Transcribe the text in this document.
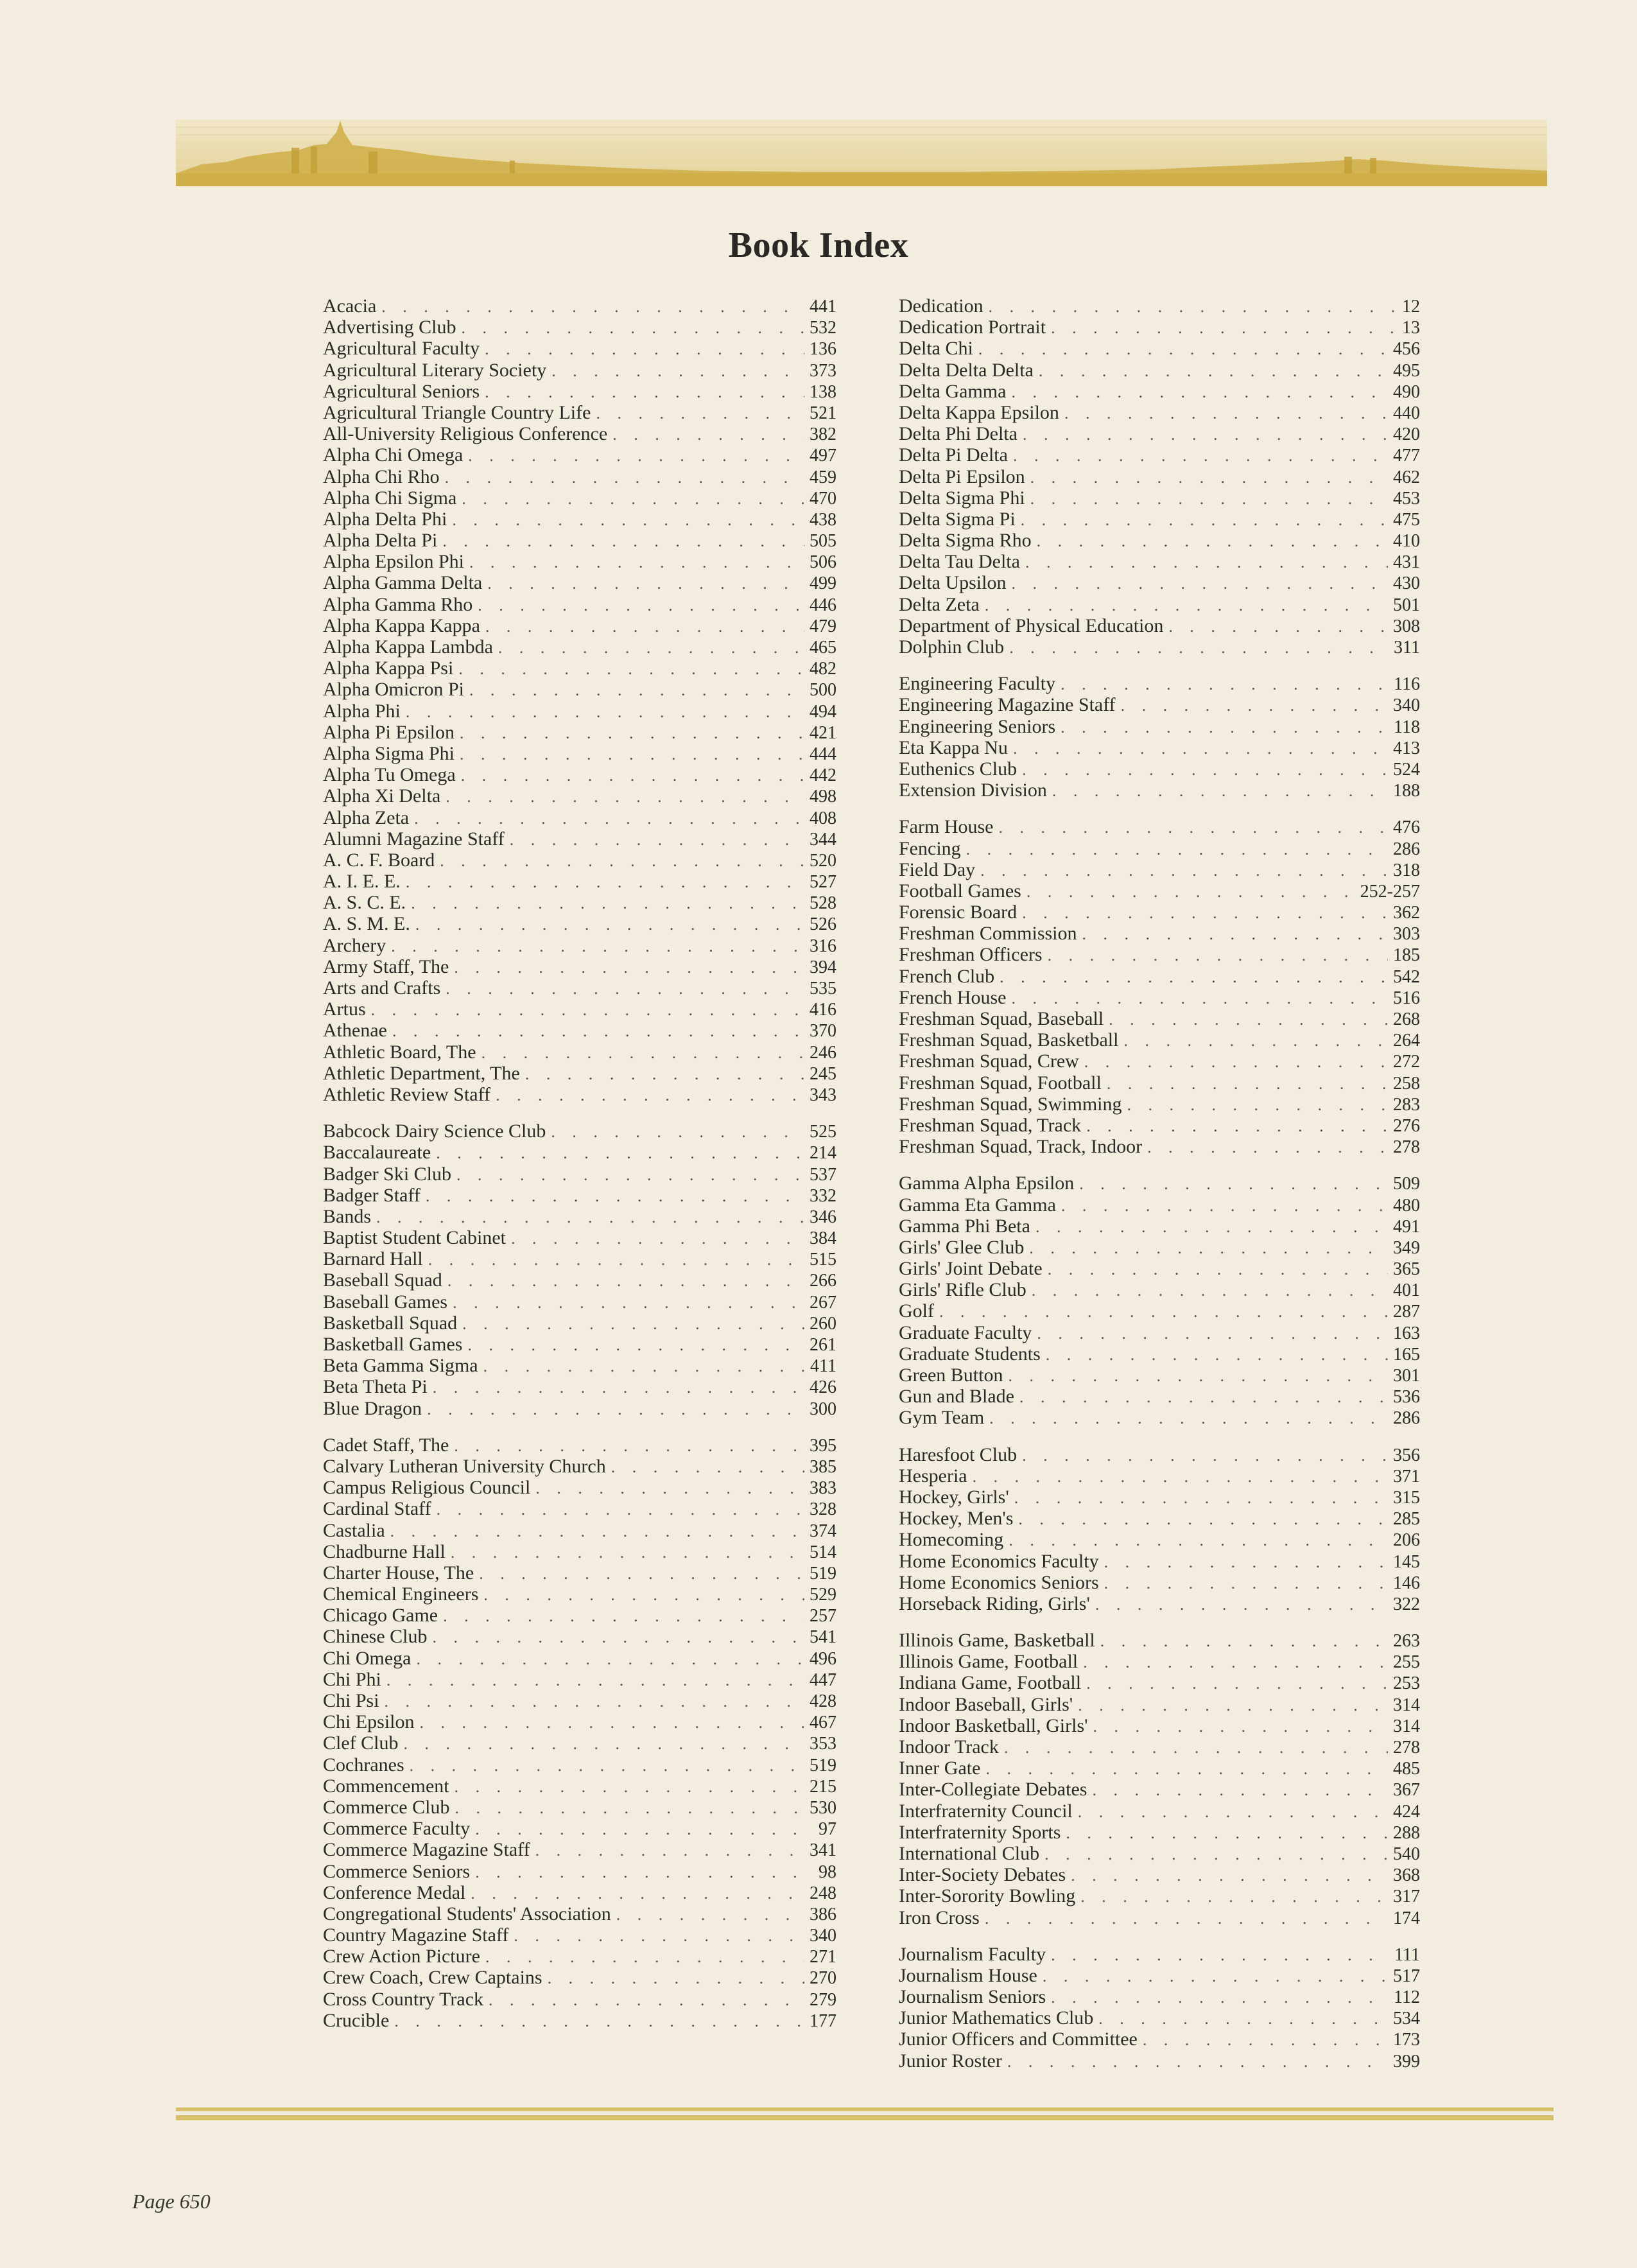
Book Index
Acacia . . .	441
Advertising Club . . .	532
Agricultural Faculty . . .	136
Agricultural Literary Society . . .	373
Agricultural Seniors . . .	138
Agricultural Triangle Country Life . . .	521
All-University Religious Conference . . .	382
Alpha Chi Omega . . .	497
Alpha Chi Rho . . .	459
Alpha Chi Sigma . . .	470
Alpha Delta Phi . . .	438
Alpha Delta Pi . . .	505
Alpha Epsilon Phi . . .	506
Alpha Gamma Delta . . .	499
Alpha Gamma Rho . . .	446
Alpha Kappa Kappa . . .	479
Alpha Kappa Lambda . . .	465
Alpha Kappa Psi . . .	482
Alpha Omicron Pi . . .	500
Alpha Phi . . .	494
Alpha Pi Epsilon . . .	421
Alpha Sigma Phi . . .	444
Alpha Tu Omega . . .	442
Alpha Xi Delta . . .	498
Alpha Zeta . . .	408
Alumni Magazine Staff . . .	344
A. C. F. Board . . .	520
A. I. E. E. . . .	527
A. S. C. E. . . .	528
A. S. M. E. . . .	526
Archery . . .	316
Army Staff, The . . .	394
Arts and Crafts . . .	535
Artus . . .	416
Athenae . . .	370
Athletic Board, The . . .	246
Athletic Department, The . . .	245
Athletic Review Staff . . .	343
Babcock Dairy Science Club . . .	525
Baccalaureate . . .	214
Badger Ski Club . . .	537
Badger Staff . . .	332
Bands . . .	346
Baptist Student Cabinet . . .	384
Barnard Hall . . .	515
Baseball Squad . . .	266
Baseball Games . . .	267
Basketball Squad . . .	260
Basketball Games . . .	261
Beta Gamma Sigma . . .	411
Beta Theta Pi . . .	426
Blue Dragon . . .	300
Cadet Staff, The . . .	395
Calvary Lutheran University Church . . .	385
Campus Religious Council . . .	383
Cardinal Staff . . .	328
Castalia . . .	374
Chadburne Hall . . .	514
Charter House, The . . .	519
Chemical Engineers . . .	529
Chicago Game . . .	257
Chinese Club . . .	541
Chi Omega . . .	496
Chi Phi . . .	447
Chi Psi . . .	428
Chi Epsilon . . .	467
Clef Club . . .	353
Cochranes . . .	519
Commencement . . .	215
Commerce Club . . .	530
Commerce Faculty . . .	97
Commerce Magazine Staff . . .	341
Commerce Seniors . . .	98
Conference Medal . . .	248
Congregational Students' Association . . .	386
Country Magazine Staff . . .	340
Crew Action Picture . . .	271
Crew Coach, Crew Captains . . .	270
Cross Country Track . . .	279
Crucible . . .	177
Dedication . . .	12
Dedication Portrait . . .	13
Delta Chi . . .	456
Delta Delta Delta . . .	495
Delta Gamma . . .	490
Delta Kappa Epsilon . . .	440
Delta Phi Delta . . .	420
Delta Pi Delta . . .	477
Delta Pi Epsilon . . .	462
Delta Sigma Phi . . .	453
Delta Sigma Pi . . .	475
Delta Sigma Rho . . .	410
Delta Tau Delta . . .	431
Delta Upsilon . . .	430
Delta Zeta . . .	501
Department of Physical Education . . .	308
Dolphin Club . . .	311
Engineering Faculty . . .	116
Engineering Magazine Staff . . .	340
Engineering Seniors . . .	118
Eta Kappa Nu . . .	413
Euthenics Club . . .	524
Extension Division . . .	188
Farm House . . .	476
Fencing . . .	286
Field Day . . .	318
Football Games . . .	252-257
Forensic Board . . .	362
Freshman Commission . . .	303
Freshman Officers . . .	185
French Club . . .	542
French House . . .	516
Freshman Squad, Baseball . . .	268
Freshman Squad, Basketball . . .	264
Freshman Squad, Crew . . .	272
Freshman Squad, Football . . .	258
Freshman Squad, Swimming . . .	283
Freshman Squad, Track . . .	276
Freshman Squad, Track, Indoor . . .	278
Gamma Alpha Epsilon . . .	509
Gamma Eta Gamma . . .	480
Gamma Phi Beta . . .	491
Girls' Glee Club . . .	349
Girls' Joint Debate . . .	365
Girls' Rifle Club . . .	401
Golf . . .	287
Graduate Faculty . . .	163
Graduate Students . . .	165
Green Button . . .	301
Gun and Blade . . .	536
Gym Team . . .	286
Haresfoot Club . . .	356
Hesperia . . .	371
Hockey, Girls' . . .	315
Hockey, Men's . . .	285
Homecoming . . .	206
Home Economics Faculty . . .	145
Home Economics Seniors . . .	146
Horseback Riding, Girls' . . .	322
Illinois Game, Basketball . . .	263
Illinois Game, Football . . .	255
Indiana Game, Football . . .	253
Indoor Baseball, Girls' . . .	314
Indoor Basketball, Girls' . . .	314
Indoor Track . . .	278
Inner Gate . . .	485
Inter-Collegiate Debates . . .	367
Interfraternity Council . . .	424
Interfraternity Sports . . .	288
International Club . . .	540
Inter-Society Debates . . .	368
Inter-Sorority Bowling . . .	317
Iron Cross . . .	174
Journalism Faculty . . .	111
Journalism House . . .	517
Journalism Seniors . . .	112
Junior Mathematics Club . . .	534
Junior Officers and Committee . . .	173
Junior Roster . . .	399
Page 650
